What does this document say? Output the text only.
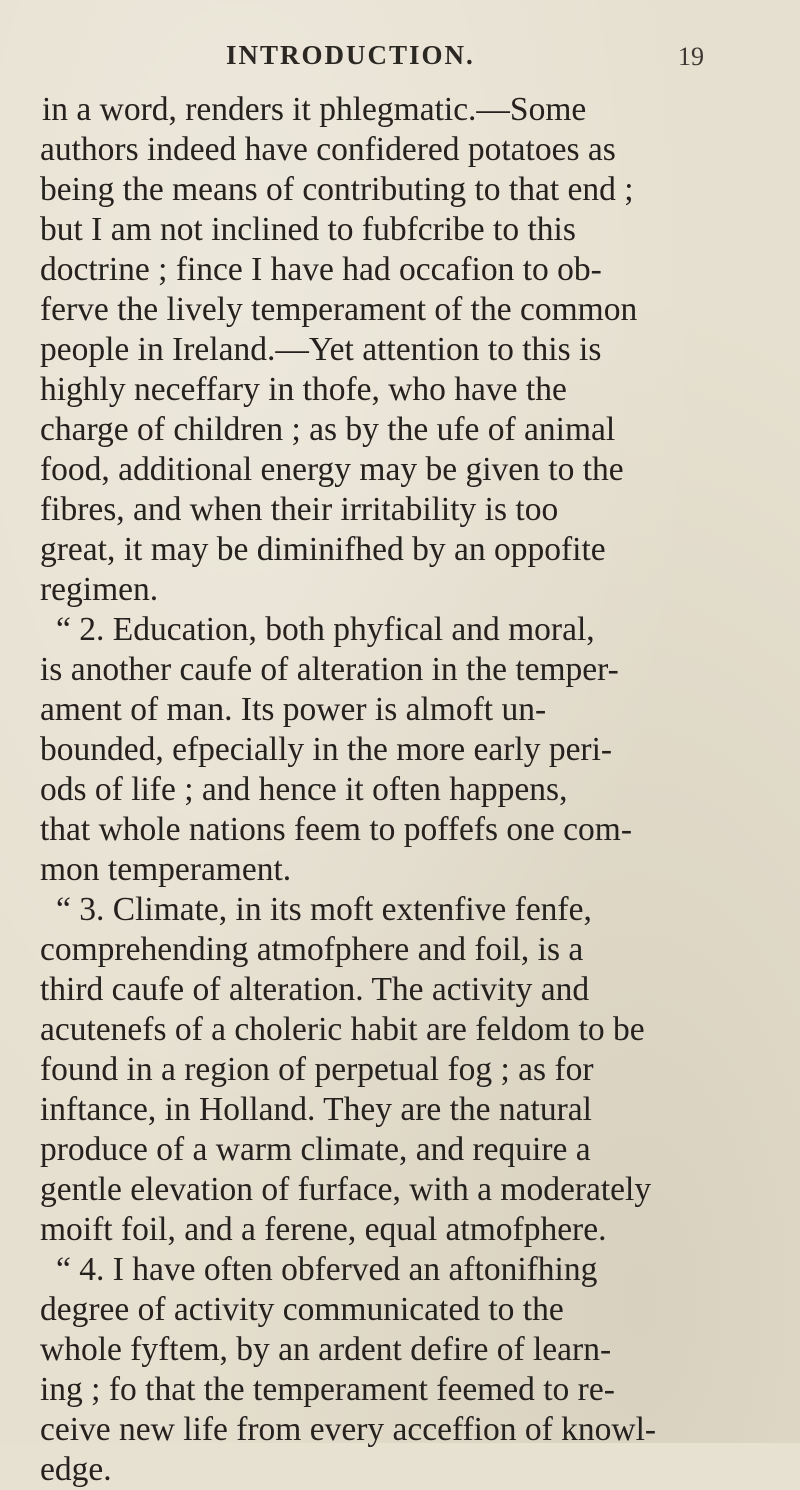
INTRODUCTION.	19
in a word, renders it phlegmatic.—Some
authors indeed have confidered potatoes as
being the means of contributing to that end ;
but I am not inclined to fubfcribe to this
doctrine ; fince I have had occafion to ob-
ferve the lively temperament of the common
people in Ireland.—Yet attention to this is
highly neceffary in thofe, who have the
charge of children ; as by the ufe of animal
food, additional energy may be given to the
fibres, and when their irritability is too
great, it may be diminifhed by an oppofite
regimen.
“ 2. Education, both phyfical and moral,
is another caufe of alteration in the temper-
ament of man. Its power is almoft un-
bounded, efpecially in the more early peri-
ods of life ; and hence it often happens,
that whole nations feem to poffefs one com-
mon temperament.
“ 3. Climate, in its moft extenfive fenfe,
comprehending atmofphere and foil, is a
third caufe of alteration. The activity and
acutenefs of a choleric habit are feldom to be
found in a region of perpetual fog ; as for
inftance, in Holland. They are the natural
produce of a warm climate, and require a
gentle elevation of furface, with a moderately
moift foil, and a ferene, equal atmofphere.
“ 4. I have often obferved an aftonifhing
degree of activity communicated to the
whole fyftem, by an ardent defire of learn-
ing ; fo that the temperament feemed to re-
ceive new life from every acceffion of knowl-
edge.
